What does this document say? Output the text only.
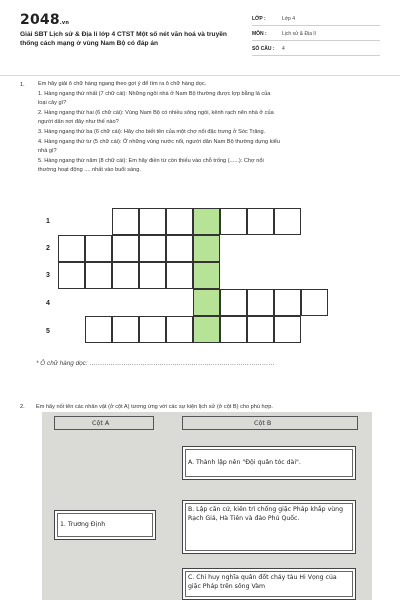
2048.vn
Giải SBT Lịch sử & Địa lí lớp 4 CTST Một số nét văn hoá và truyền thống cách mạng ở vùng Nam Bộ có đáp án
LỚP :	Lớp 4
MÔN :	Lịch sử & Địa lí
SỐ CÂU : 4
1. Em hãy giải ô chữ hàng ngang theo gợi ý để tìm ra ô chữ hàng dọc.
1. Hàng ngang thứ nhất (7 chữ cái): Những ngôi nhà ở Nam Bộ thường được lợp bằng lá của
loại cây gì?
2. Hàng ngang thứ hai (6 chữ cái): Vùng Nam Bộ có nhiều sông ngòi, kênh rạch nên nhà ở của
người dân nơi đây như thế nào?
3. Hàng ngang thứ ba (6 chữ cái): Hãy cho biết tên của một chợ nổi đặc trưng ở Sóc Trăng.
4. Hàng ngang thứ tư (5 chữ cái): Ở những vùng nước nổi, người dân Nam Bộ thường dựng kiểu
nhà gì?
5. Hàng ngang thứ năm (8 chữ cái): Em hãy điền từ còn thiếu vào chỗ trống (......): Chợ nổi
thường hoạt động .... nhất vào buổi sáng.
1
2
3
4
5
* Ô chữ hàng dọc: ……………………………………………………………………………
2. Em hãy nối tên các nhân vật (ở cột A) tương ứng với các sự kiện lịch sử (ở cột B) cho phù hợp.
Cột A	Cột B
A. Thành lập nên "Đội quân tóc dài".
1. Trương Định
B. Lập căn cứ, kiên trì chống giặc Pháp khắp vùng Rạch Giá, Hà Tiên và đảo Phú Quốc.
C. Chỉ huy nghĩa quân đốt cháy tàu Hi Vọng của giặc Pháp trên sông Vàm
